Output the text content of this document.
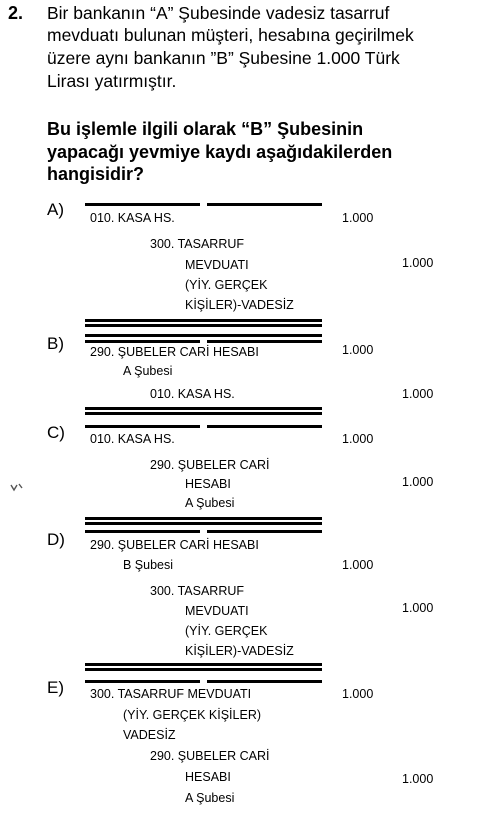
2. Bir bankanın “A” Şubesinde vadesiz tasarruf
mevduatı bulunan müşteri, hesabına geçirilmek
üzere aynı bankanın ”B” Şubesine 1.000 Türk
Lirası yatırmıştır.
Bu işlemle ilgili olarak “B” Şubesinin
yapacağı yevmiye kaydı aşağıdakilerden
hangisidir?
A) 010. KASA HS.	1.000
300. TASARRUF
MEVDUATI
(YİY. GERÇEK
KİŞİLER)-VADESİZ
1.000
B) 290. ŞUBELER CARİ HESABI
A Şubesi
1.000
010. KASA HS.	1.000
C) 010. KASA HS.	1.000
290. ŞUBELER CARİ
HESABI
A Şubesi
1.000
D) 290. ŞUBELER CARİ HESABI
B Şubesi	1.000
300. TASARRUF
MEVDUATI
(YİY. GERÇEK
KİŞİLER)-VADESİZ
1.000
E) 300. TASARRUF MEVDUATI
(YİY. GERÇEK KİŞİLER)
VADESİZ
1.000
290. ŞUBELER CARİ
HESABI
A Şubesi
1.000
